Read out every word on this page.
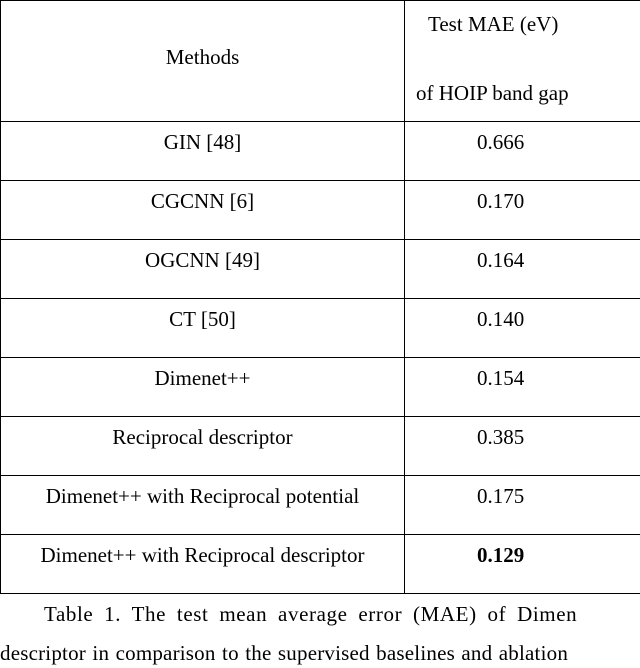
Methods	Test MAE (eV)
of HOIP band gap

GIN [48]	0.666
CGCNN [6]	0.170
OGCNN [49]	0.164
CT [50]	0.140
Dimenet++	0.154
Reciprocal descriptor	0.385
Dimenet++ with Reciprocal potential	0.175
Dimenet++ with Reciprocal descriptor	0.129
Table 1. The test mean average error (MAE) of Dimen
descriptor in comparison to the supervised baselines and ablation
